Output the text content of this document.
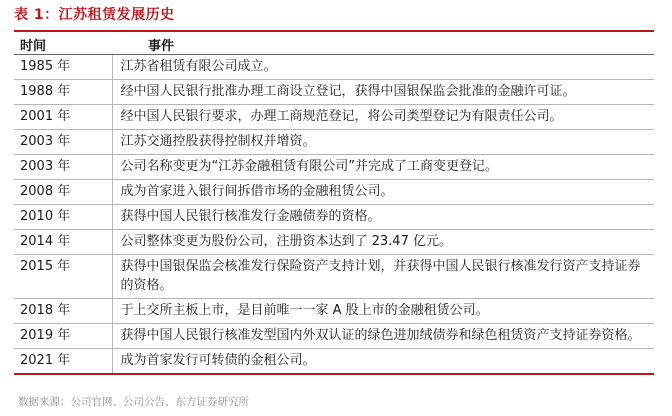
表 1：江苏租赁发展历史
时间	事件
1985 年	江苏省租赁有限公司成立。
1988 年	经中国人民银行批准办理工商设立登记，获得中国银保监会批准的金融许可证。
2001 年	经中国人民银行要求，办理工商规范登记，将公司类型登记为有限责任公司。
2003 年	江苏交通控股获得控制权并增资。
2003 年	公司名称变更为“江苏金融租赁有限公司”并完成了工商变更登记。
2008 年	成为首家进入银行间拆借市场的金融租赁公司。
2010 年	获得中国人民银行核准发行金融债券的资格。
2014 年	公司整体变更为股份公司，注册资本达到了 23.47 亿元。
2015 年	获得中国银保监会核准发行保险资产支持计划，并获得中国人民银行核准发行资产支持证券的资格。
2018 年	于上交所主板上市，是目前唯一一家 A 股上市的金融租赁公司。
2019 年	获得中国人民银行核准发型国内外双认证的绿色进加绒债券和绿色租赁资产支持证券资格。
2021 年	成为首家发行可转债的金租公司。
数据来源：公司官网、公司公告、东方证券研究所
